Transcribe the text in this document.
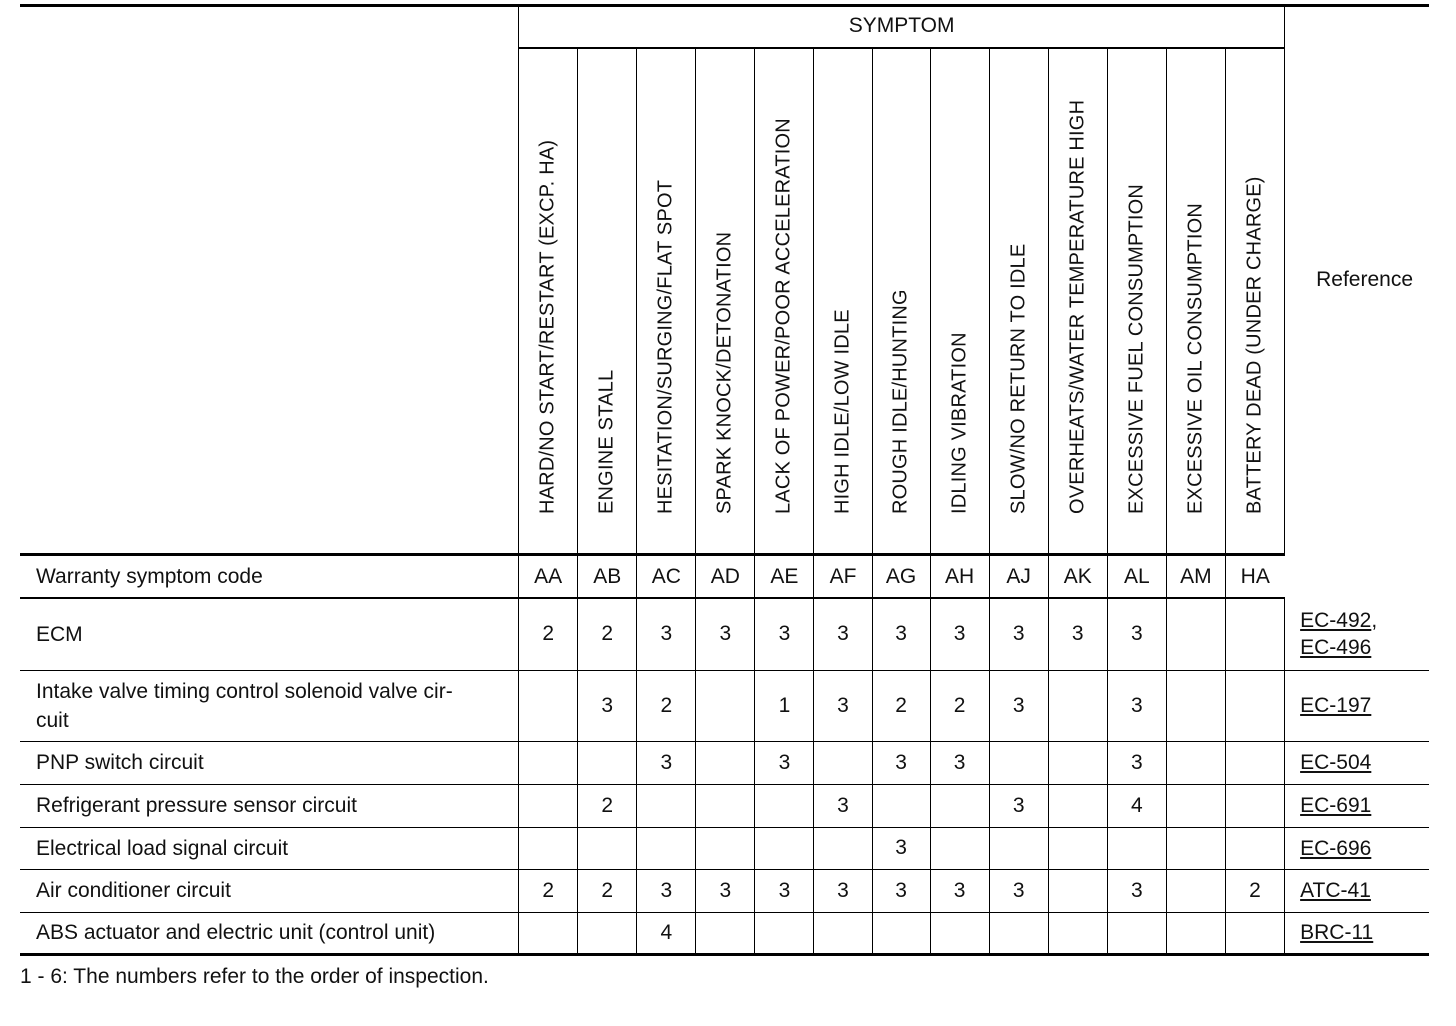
	SYMPTOM													Reference

	HARD/NO START/RESTART (EXCP. HA)	ENGINE STALL	HESITATION/SURGING/FLAT SPOT	SPARK KNOCK/DETONATION	LACK OF POWER/POOR ACCELERATION	HIGH IDLE/LOW IDLE	ROUGH IDLE/HUNTING	IDLING VIBRATION	SLOW/NO RETURN TO IDLE	OVERHEATS/WATER TEMPERATURE HIGH	EXCESSIVE FUEL CONSUMPTION	EXCESSIVE OIL CONSUMPTION	BATTERY DEAD (UNDER CHARGE)	

Warranty symptom code	AA	AB	AC	AD	AE	AF	AG	AH	AJ	AK	AL	AM	HA	
ECM	2	2	3	3	3	3	3	3	3	3	3			EC-492,
EC-496
Intake valve timing control solenoid valve cir-
cuit		3	2		1	3	2	2	3		3			EC-197
PNP switch circuit			3		3		3	3			3			EC-504
Refrigerant pressure sensor circuit		2				3			3		4			EC-691
Electrical load signal circuit							3							EC-696
Air conditioner circuit	2	2	3	3	3	3	3	3	3		3		2	ATC-41
ABS actuator and electric unit (control unit)			4											BRC-11
1 - 6: The numbers refer to the order of inspection.
